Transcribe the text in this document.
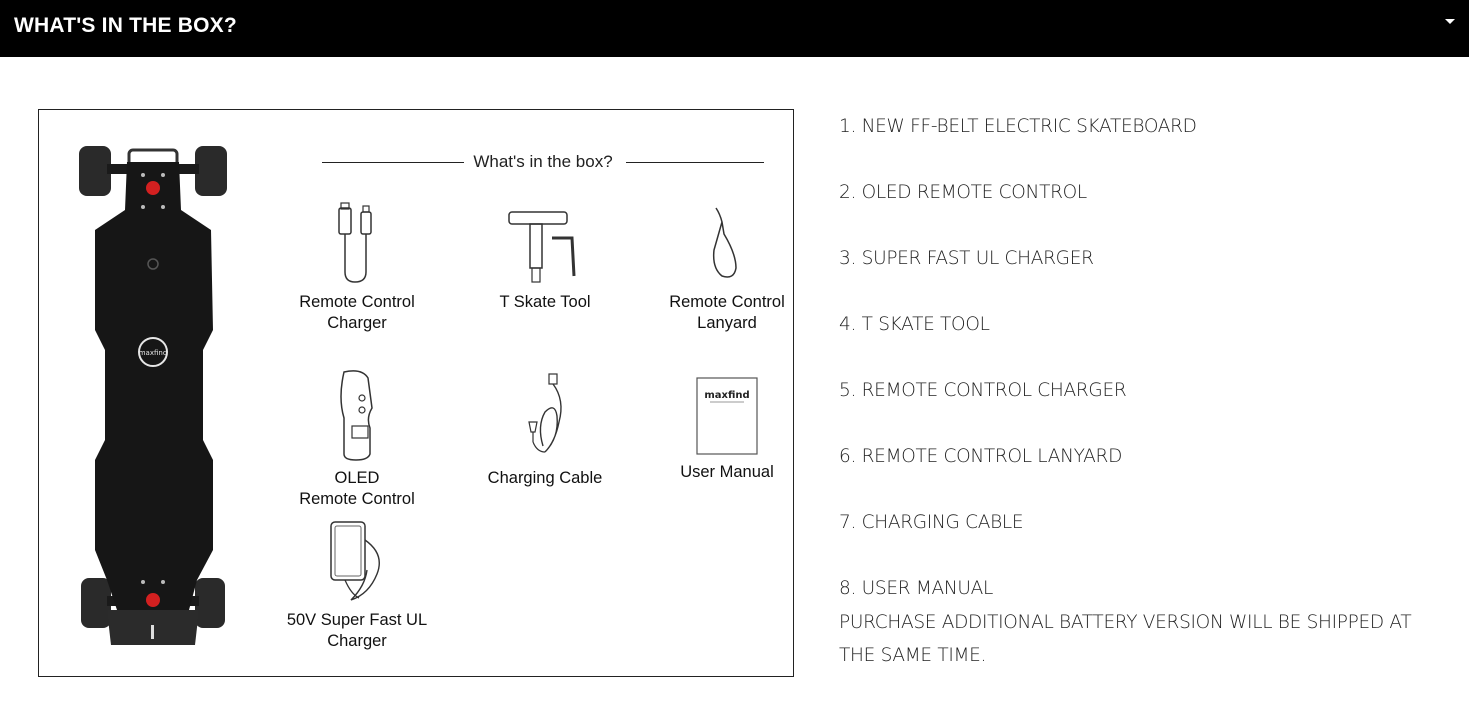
WHAT'S IN THE BOX?
maxfind
What's in the box?
Remote Control
Charger
T Skate Tool	Remote Control
Lanyard
OLED
Remote Control
Charging Cable
maxfind
User Manual
50V Super Fast UL
Charger
1. NEW FF-BELT ELECTRIC SKATEBOARD
2. OLED REMOTE CONTROL
3. SUPER FAST UL CHARGER
4. T SKATE TOOL
5. REMOTE CONTROL CHARGER
6. REMOTE CONTROL LANYARD
7. CHARGING CABLE
8. USER MANUAL
PURCHASE ADDITIONAL BATTERY VERSION WILL BE SHIPPED AT THE SAME TIME.
